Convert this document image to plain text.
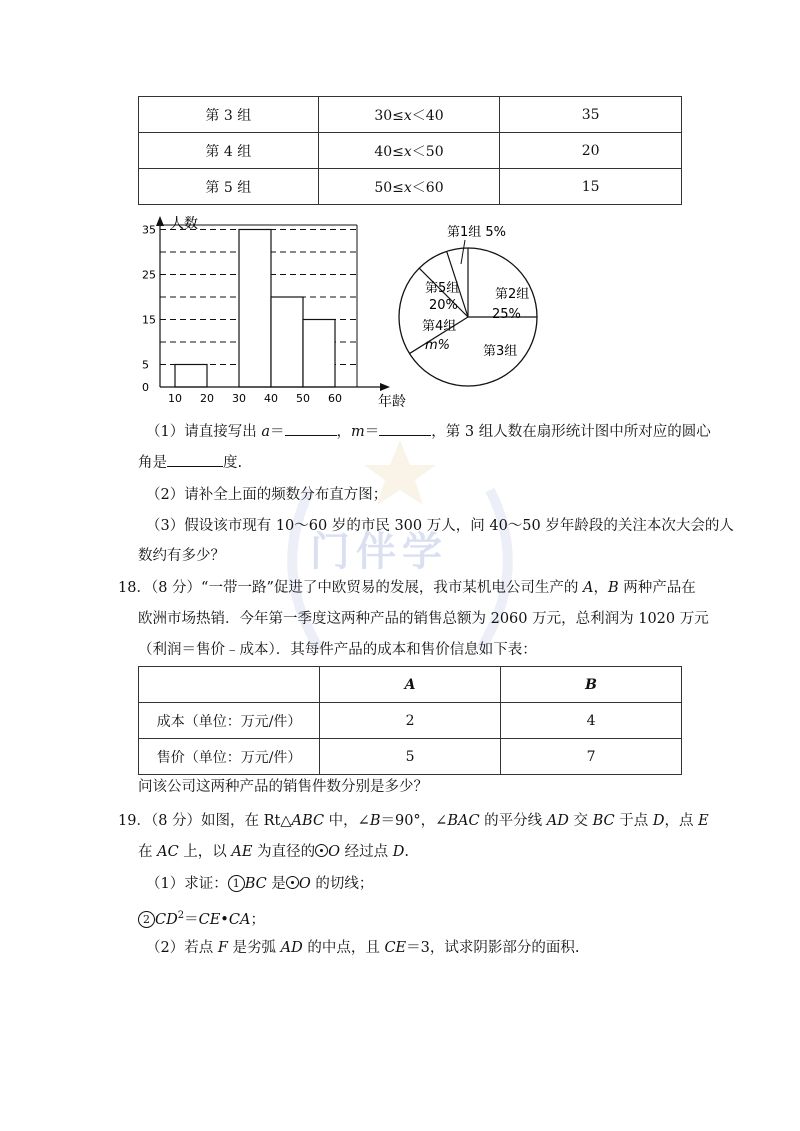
门伴学
第 3 组	30≤x＜40	35
第 4 组	40≤x＜50	20
第 5 组	50≤x＜60	15
人数
年龄
0
5
15
25
35
10 20 30 40 50 60
第1组 5%
第2组
25%
第3组
第4组
m%
第5组
20%
（1）请直接写出 a＝	，m＝	，第 3 组人数在扇形统计图中所对应的圆心
角是	度.
（2）请补全上面的频数分布直方图；
（3）假设该市现有 10～60 岁的市民 300 万人，问 40～50 岁年龄段的关注本次大会的人
数约有多少？
18．（8 分）“一带一路”促进了中欧贸易的发展，我市某机电公司生产的 A，B 两种产品在
欧洲市场热销．今年第一季度这两种产品的销售总额为 2060 万元，总利润为 1020 万元
（利润＝售价﹣成本）．其每件产品的成本和售价信息如下表：
	A	B
成本（单位：万元/件）	2	4
售价（单位：万元/件）	5	7
问该公司这两种产品的销售件数分别是多少？
19．（8 分）如图，在 Rt△ABC 中，∠B＝90°，∠BAC 的平分线 AD 交 BC 于点 D，点 E
在 AC 上，以 AE 为直径的 O 经过点 D.
（1）求证： 1 BC 是 O 的切线；
2 $CD^2=CE•CA$；
（2）若点 F 是劣弧 AD 的中点，且 CE＝3，试求阴影部分的面积.
